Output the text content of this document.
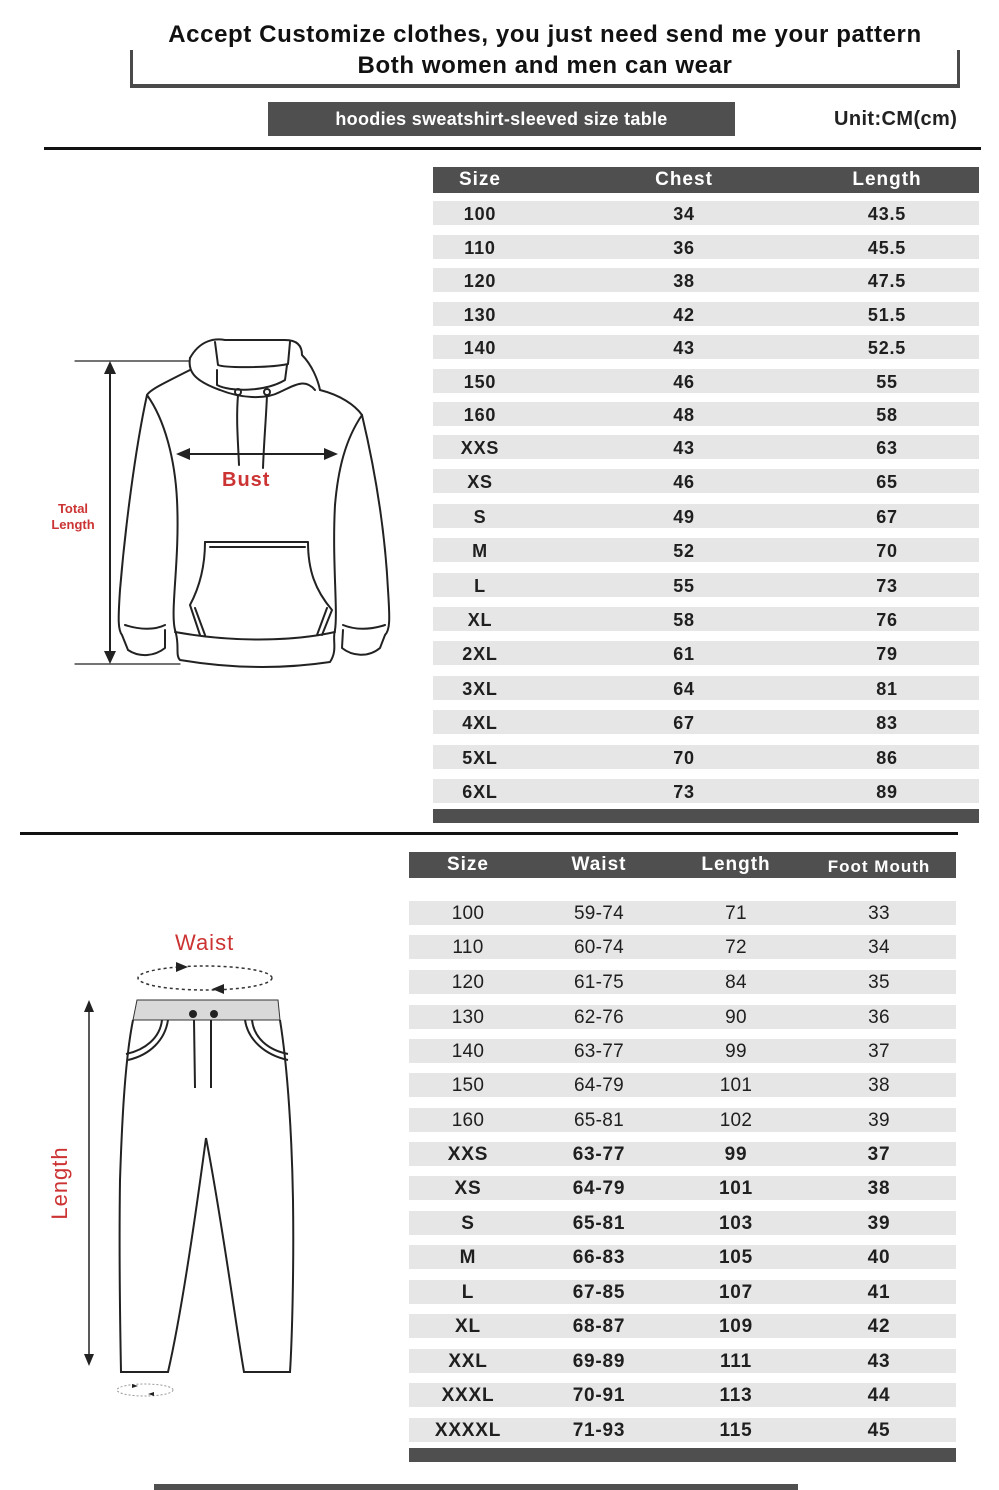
Accept Customize clothes, you just need send me your pattern
Both women and men can wear
hoodies sweatshirt-sleeved size table	Unit:CM(cm)
Bust
Total
Length
Size	Chest	Length
100	34	43.5
110	36	45.5
120	38	47.5
130	42	51.5
140	43	52.5
150	46	55
160	48	58
XXS	43	63
XS	46	65
S	49	67
M	52	70
L	55	73
XL	58	76
2XL	61	79
3XL	64	81
4XL	67	83
5XL	70	86
6XL	73	89
Waist
Length
Size	Waist	Length	Foot Mouth
100	59-74	71	33
110	60-74	72	34
120	61-75	84	35
130	62-76	90	36
140	63-77	99	37
150	64-79	101	38
160	65-81	102	39
XXS	63-77	99	37
XS	64-79	101	38
S	65-81	103	39
M	66-83	105	40
L	67-85	107	41
XL	68-87	109	42
XXL	69-89	111	43
XXXL	70-91	113	44
XXXXL	71-93	115	45
